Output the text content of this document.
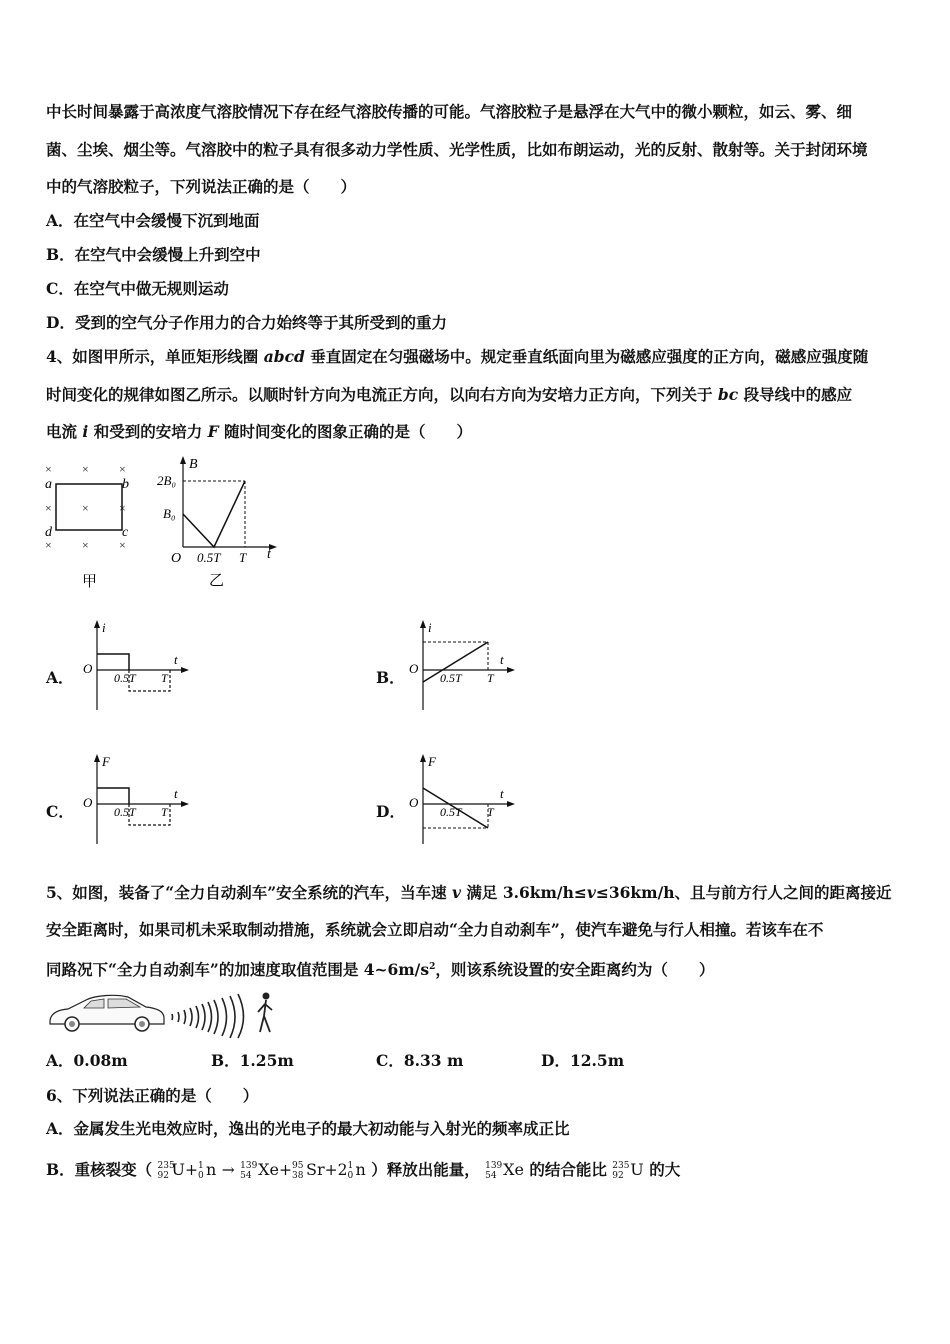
中长时间暴露于高浓度气溶胶情况下存在经气溶胶传播的可能。气溶胶粒子是悬浮在大气中的微小颗粒，如云、雾、细
菌、尘埃、烟尘等。气溶胶中的粒子具有很多动力学性质、光学性质，比如布朗运动，光的反射、散射等。关于封闭环境
中的气溶胶粒子，下列说法正确的是（　　）
A．在空气中会缓慢下沉到地面
B．在空气中会缓慢上升到空中
C．在空气中做无规则运动
D．受到的空气分子作用力的合力始终等于其所受到的重力
4、如图甲所示，单匝矩形线圈 abcd 垂直固定在匀强磁场中。规定垂直纸面向里为磁感应强度的正方向，磁感应强度随
时间变化的规律如图乙所示。以顺时针方向为电流正方向，以向右方向为安培力正方向，下列关于 bc 段导线中的感应
电流 i 和受到的安培力 F 随时间变化的图象正确的是（　　）
×	×	×
×	×
×
×	×	×
a	b
d	c
甲
B
2B₀
B₀
O 0.5T T t
乙
A．
i
O
0.5T T
t
B．
i
O
0.5T T
t
C．
F
O
0.5T T
t
D．
F
O
0.5T T
t
5、如图，装备了“全力自动刹车”安全系统的汽车，当车速 v 满足 3.6km/h≤v≤36km/h、且与前方行人之间的距离接近
安全距离时，如果司机未采取制动措施，系统就会立即启动“全力自动刹车”，使汽车避免与行人相撞。若该车在不
同路况下“全力自动刹车”的加速度取值范围是 $4\sim 6m/s^2$，则该系统设置的安全距离约为（　　）
A．0.08m	B．1.25m	C．8.33 m	D．12.5m
6、下列说法正确的是（　　）
A．金属发生光电效应时，逸出的光电子的最大初动能与入射光的频率成正比
B．重核裂变（ 235
92 U+ 1
0 n → 139
54 Xe+ 95
38 Sr+2 1
0 n ）释放出能量， 139
54 Xe 的结合能比 235
92 U 的大
